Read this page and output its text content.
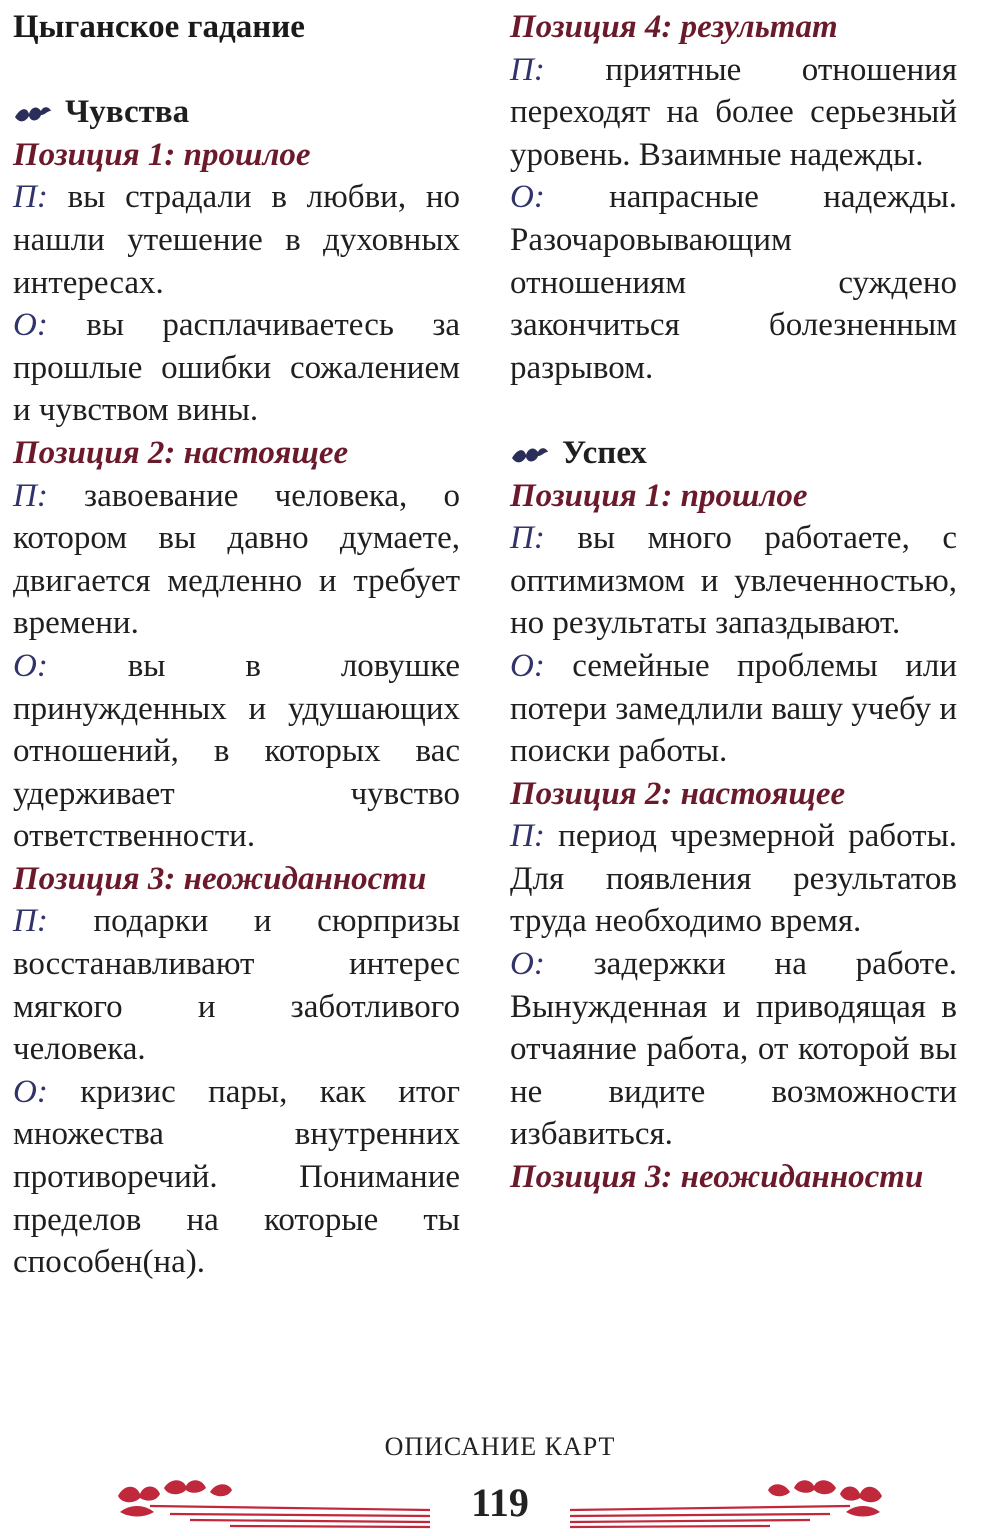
Цыганское гадание

Чувства

Позиция 1: прошлое

П: вы страдали в любви, но нашли утешение в духовных интересах.

О: вы расплачиваетесь за прошлые ошибки сожалением и чувством вины.

Позиция 2: настоящее

П: завоевание человека, о котором вы давно думаете, двигается медленно и требует времени.

О: вы в ловушке принужденных и удушающих отношений, в которых вас удерживает чувство ответственности.

Позиция 3: неожиданности

П: подарки и сюрпризы восстанавливают интерес мягкого и заботливого человека.

О: кризис пары, как итог множества внутренних противоречий. Понимание пределов на которые ты способен(на).

Позиция 4: результат

П: приятные отношения переходят на более серьезный уровень. Взаимные надежды.

О: напрасные надежды. Разочаровывающим отношениям суждено закончиться болезненным разрывом.

Успех

Позиция 1: прошлое

П: вы много работаете, с оптимизмом и увлеченностью, но результаты запаздывают.

О: семейные проблемы или потери замедлили вашу учебу и поиски работы.

Позиция 2: настоящее

П: период чрезмерной работы. Для появления результатов труда необходимо время.

О: задержки на работе. Вынужденная и приводящая в отчаяние работа, от которой вы не видите возможности избавиться.

Позиция 3: неожиданности

ОПИСАНИЕ КАРТ
119
